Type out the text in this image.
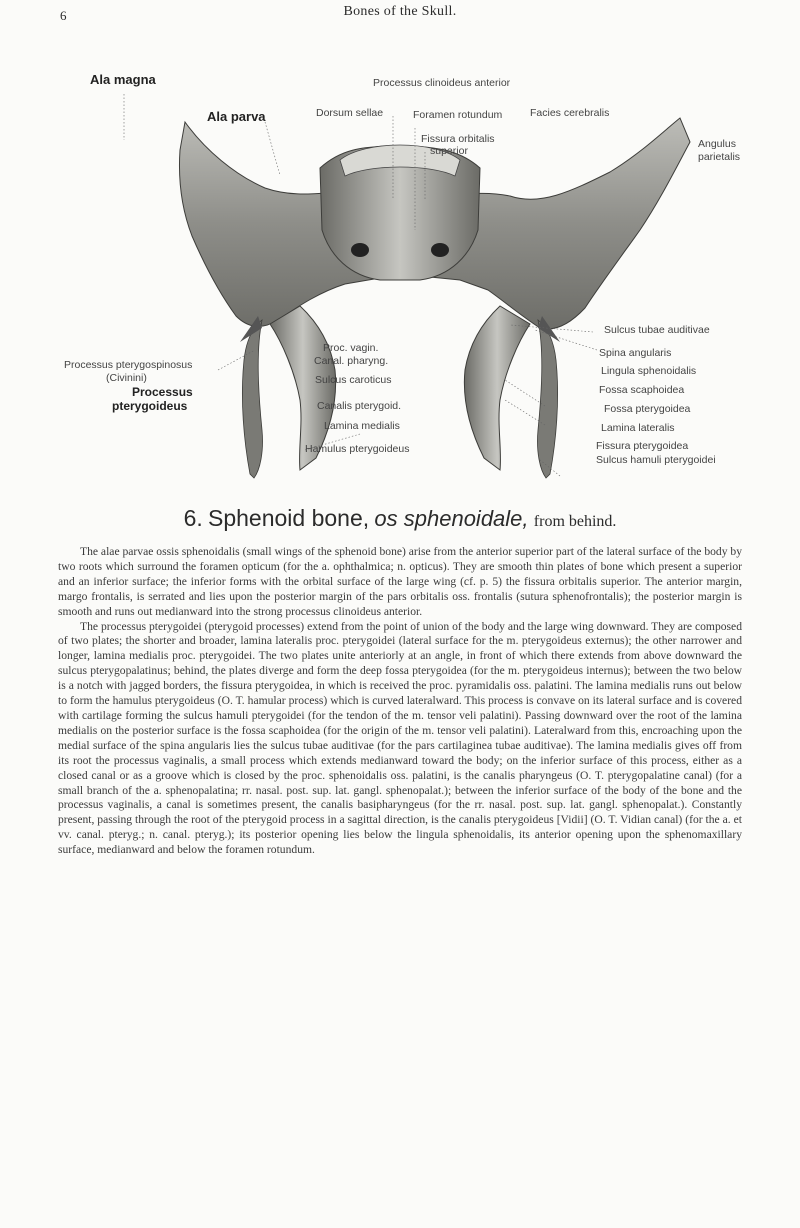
6	Bones of the Skull.
Ala magna
Ala parva
Processus clinoideus anterior
Dorsum sellae	Foramen rotundum	Facies cerebralis
Fissura orbitalis
superior
Angulus parietalis
Sulcus tubae auditivae
Spina angularis
Processus pterygospinosus
(Civinini)
Processus
pterygoideus
Proc. vagin.
Canal. pharyng.
Sulcus caroticus
Canalis pterygoid.
Lamina medialis
Hamulus pterygoideus
Lingula sphenoidalis
Fossa scaphoidea
Fossa pterygoidea
Lamina lateralis
Fissura pterygoidea
Sulcus hamuli pterygoidei
6. Sphenoid bone, os sphenoidale, from behind.

The alae parvae ossis sphenoidalis (small wings of the sphenoid bone) arise from the anterior superior part of the lateral surface of the body by two roots which surround the foramen opticum (for the a. ophthalmica; n. opticus). They are smooth thin plates of bone which present a superior and an inferior surface; the inferior forms with the orbital surface of the large wing (cf. p. 5) the fissura orbitalis superior. The anterior margin, margo frontalis, is serrated and lies upon the posterior margin of the pars orbitalis oss. frontalis (sutura sphenofrontalis); the posterior margin is smooth and runs out medianward into the strong processus clinoideus anterior.

The processus pterygoidei (pterygoid processes) extend from the point of union of the body and the large wing downward. They are composed of two plates; the shorter and broader, lamina lateralis proc. pterygoidei (lateral surface for the m. pterygoideus externus); the other narrower and longer, lamina medialis proc. pterygoidei. The two plates unite anteriorly at an angle, in front of which there extends from above downward the sulcus pterygopalatinus; behind, the plates diverge and form the deep fossa pterygoidea (for the m. pterygoideus internus); between the two below is a notch with jagged borders, the fissura pterygoidea, in which is received the proc. pyramidalis oss. palatini. The lamina medialis runs out below to form the hamulus pterygoideus (O. T. hamular process) which is curved lateralward. This process is convave on its lateral surface and is covered with cartilage forming the sulcus hamuli pterygoidei (for the tendon of the m. tensor veli palatini). Passing downward over the root of the lamina medialis on the posterior surface is the fossa scaphoidea (for the origin of the m. tensor veli palatini). Lateralward from this, encroaching upon the medial surface of the spina angularis lies the sulcus tubae auditivae (for the pars cartilaginea tubae auditivae). The lamina medialis gives off from its root the processus vaginalis, a small process which extends medianward toward the body; on the inferior surface of this process, either as a closed canal or as a groove which is closed by the proc. sphenoidalis oss. palatini, is the canalis pharyngeus (O. T. pterygopalatine canal) (for a small branch of the a. sphenopalatina; rr. nasal. post. sup. lat. gangl. sphenopalat.); between the inferior surface of the body of the bone and the processus vaginalis, a canal is sometimes present, the canalis basipharyngeus (for the rr. nasal. post. sup. lat. gangl. sphenopalat.). Constantly present, passing through the root of the pterygoid process in a sagittal direction, is the canalis pterygoideus [Vidii] (O. T. Vidian canal) (for the a. et vv. canal. pteryg.; n. canal. pteryg.); its posterior opening lies below the lingula sphenoidalis, its anterior opening upon the sphenomaxillary surface, medianward and below the foramen rotundum.
